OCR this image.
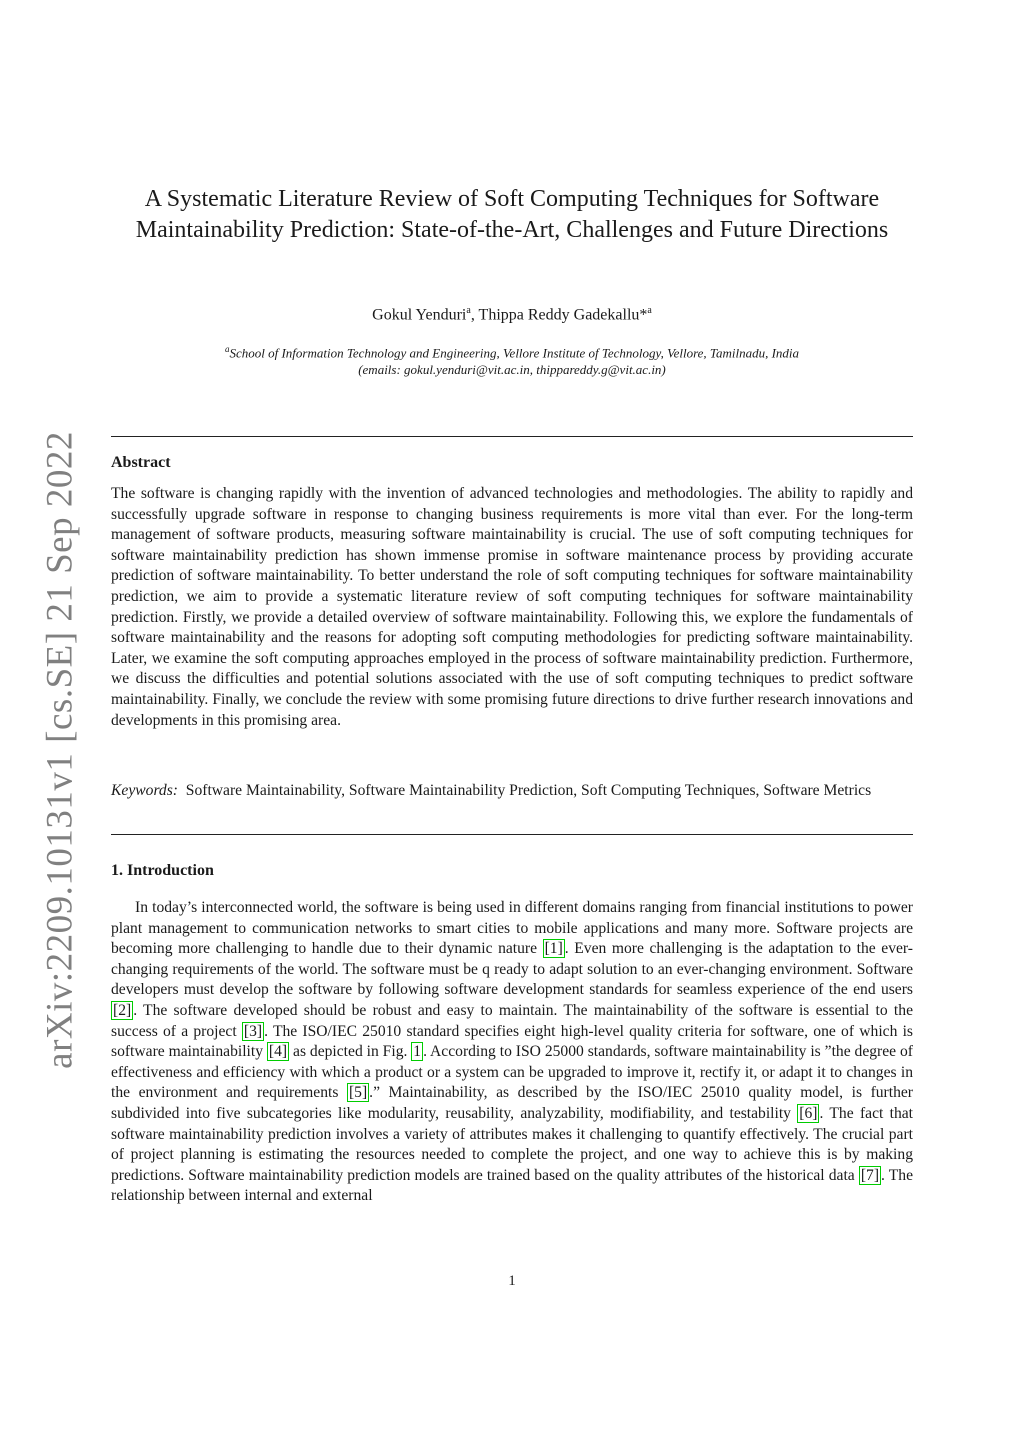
arXiv:2209.10131v1 [cs.SE] 21 Sep 2022
A Systematic Literature Review of Soft Computing Techniques for Software Maintainability Prediction: State-of-the-Art, Challenges and Future Directions
Gokul Yenduri$^a$, Thippa Reddy Gadekallu*$^a$
$^a$School of Information Technology and Engineering, Vellore Institute of Technology, Vellore, Tamilnadu, India
(emails: gokul.yenduri@vit.ac.in, thippareddy.g@vit.ac.in)
Abstract

The software is changing rapidly with the invention of advanced technologies and methodologies. The ability to rapidly and successfully upgrade software in response to changing business requirements is more vital than ever. For the long-term management of software products, measuring software maintainability is crucial. The use of soft computing techniques for software maintainability prediction has shown immense promise in software maintenance process by providing accurate prediction of software maintainability. To better understand the role of soft computing techniques for software maintainability prediction, we aim to provide a systematic literature review of soft computing techniques for software maintainability prediction. Firstly, we provide a detailed overview of software maintainability. Following this, we explore the fundamentals of software maintainability and the reasons for adopting soft computing methodologies for predicting software maintainability. Later, we examine the soft computing approaches employed in the process of software maintainability prediction. Furthermore, we discuss the difficulties and potential solutions associated with the use of soft computing techniques to predict software maintainability. Finally, we conclude the review with some promising future directions to drive further research innovations and developments in this promising area.

Keywords: Software Maintainability, Software Maintainability Prediction, Soft Computing Techniques, Software Metrics

1. Introduction

In today’s interconnected world, the software is being used in different domains ranging from financial institutions to power plant management to communication networks to smart cities to mobile applications and many more. Software projects are becoming more challenging to handle due to their dynamic nature [1] . Even more challenging is the adaptation to the ever-changing requirements of the world. The software must be q ready to adapt solution to an ever-changing environment. Software developers must develop the software by following software development standards for seamless experience of the end users [2] . The software developed should be robust and easy to maintain. The maintainability of the software is essential to the success of a project [3] . The ISO/IEC 25010 standard specifies eight high-level quality criteria for software, one of which is software maintainability [4] as depicted in Fig. 1 . According to ISO 25000 standards, software maintainability is ”the degree of effectiveness and efficiency with which a product or a system can be upgraded to improve it, rectify it, or adapt it to changes in the environment and requirements [5] .” Maintainability, as described by the ISO/IEC 25010 quality model, is further subdivided into five subcategories like modularity, reusability, analyzability, modifiability, and testability [6] . The fact that software maintainability prediction involves a variety of attributes makes it challenging to quantify effectively. The crucial part of project planning is estimating the resources needed to complete the project, and one way to achieve this is by making predictions. Software maintainability prediction models are trained based on the quality attributes of the historical data [7] . The relationship between internal and external

1
